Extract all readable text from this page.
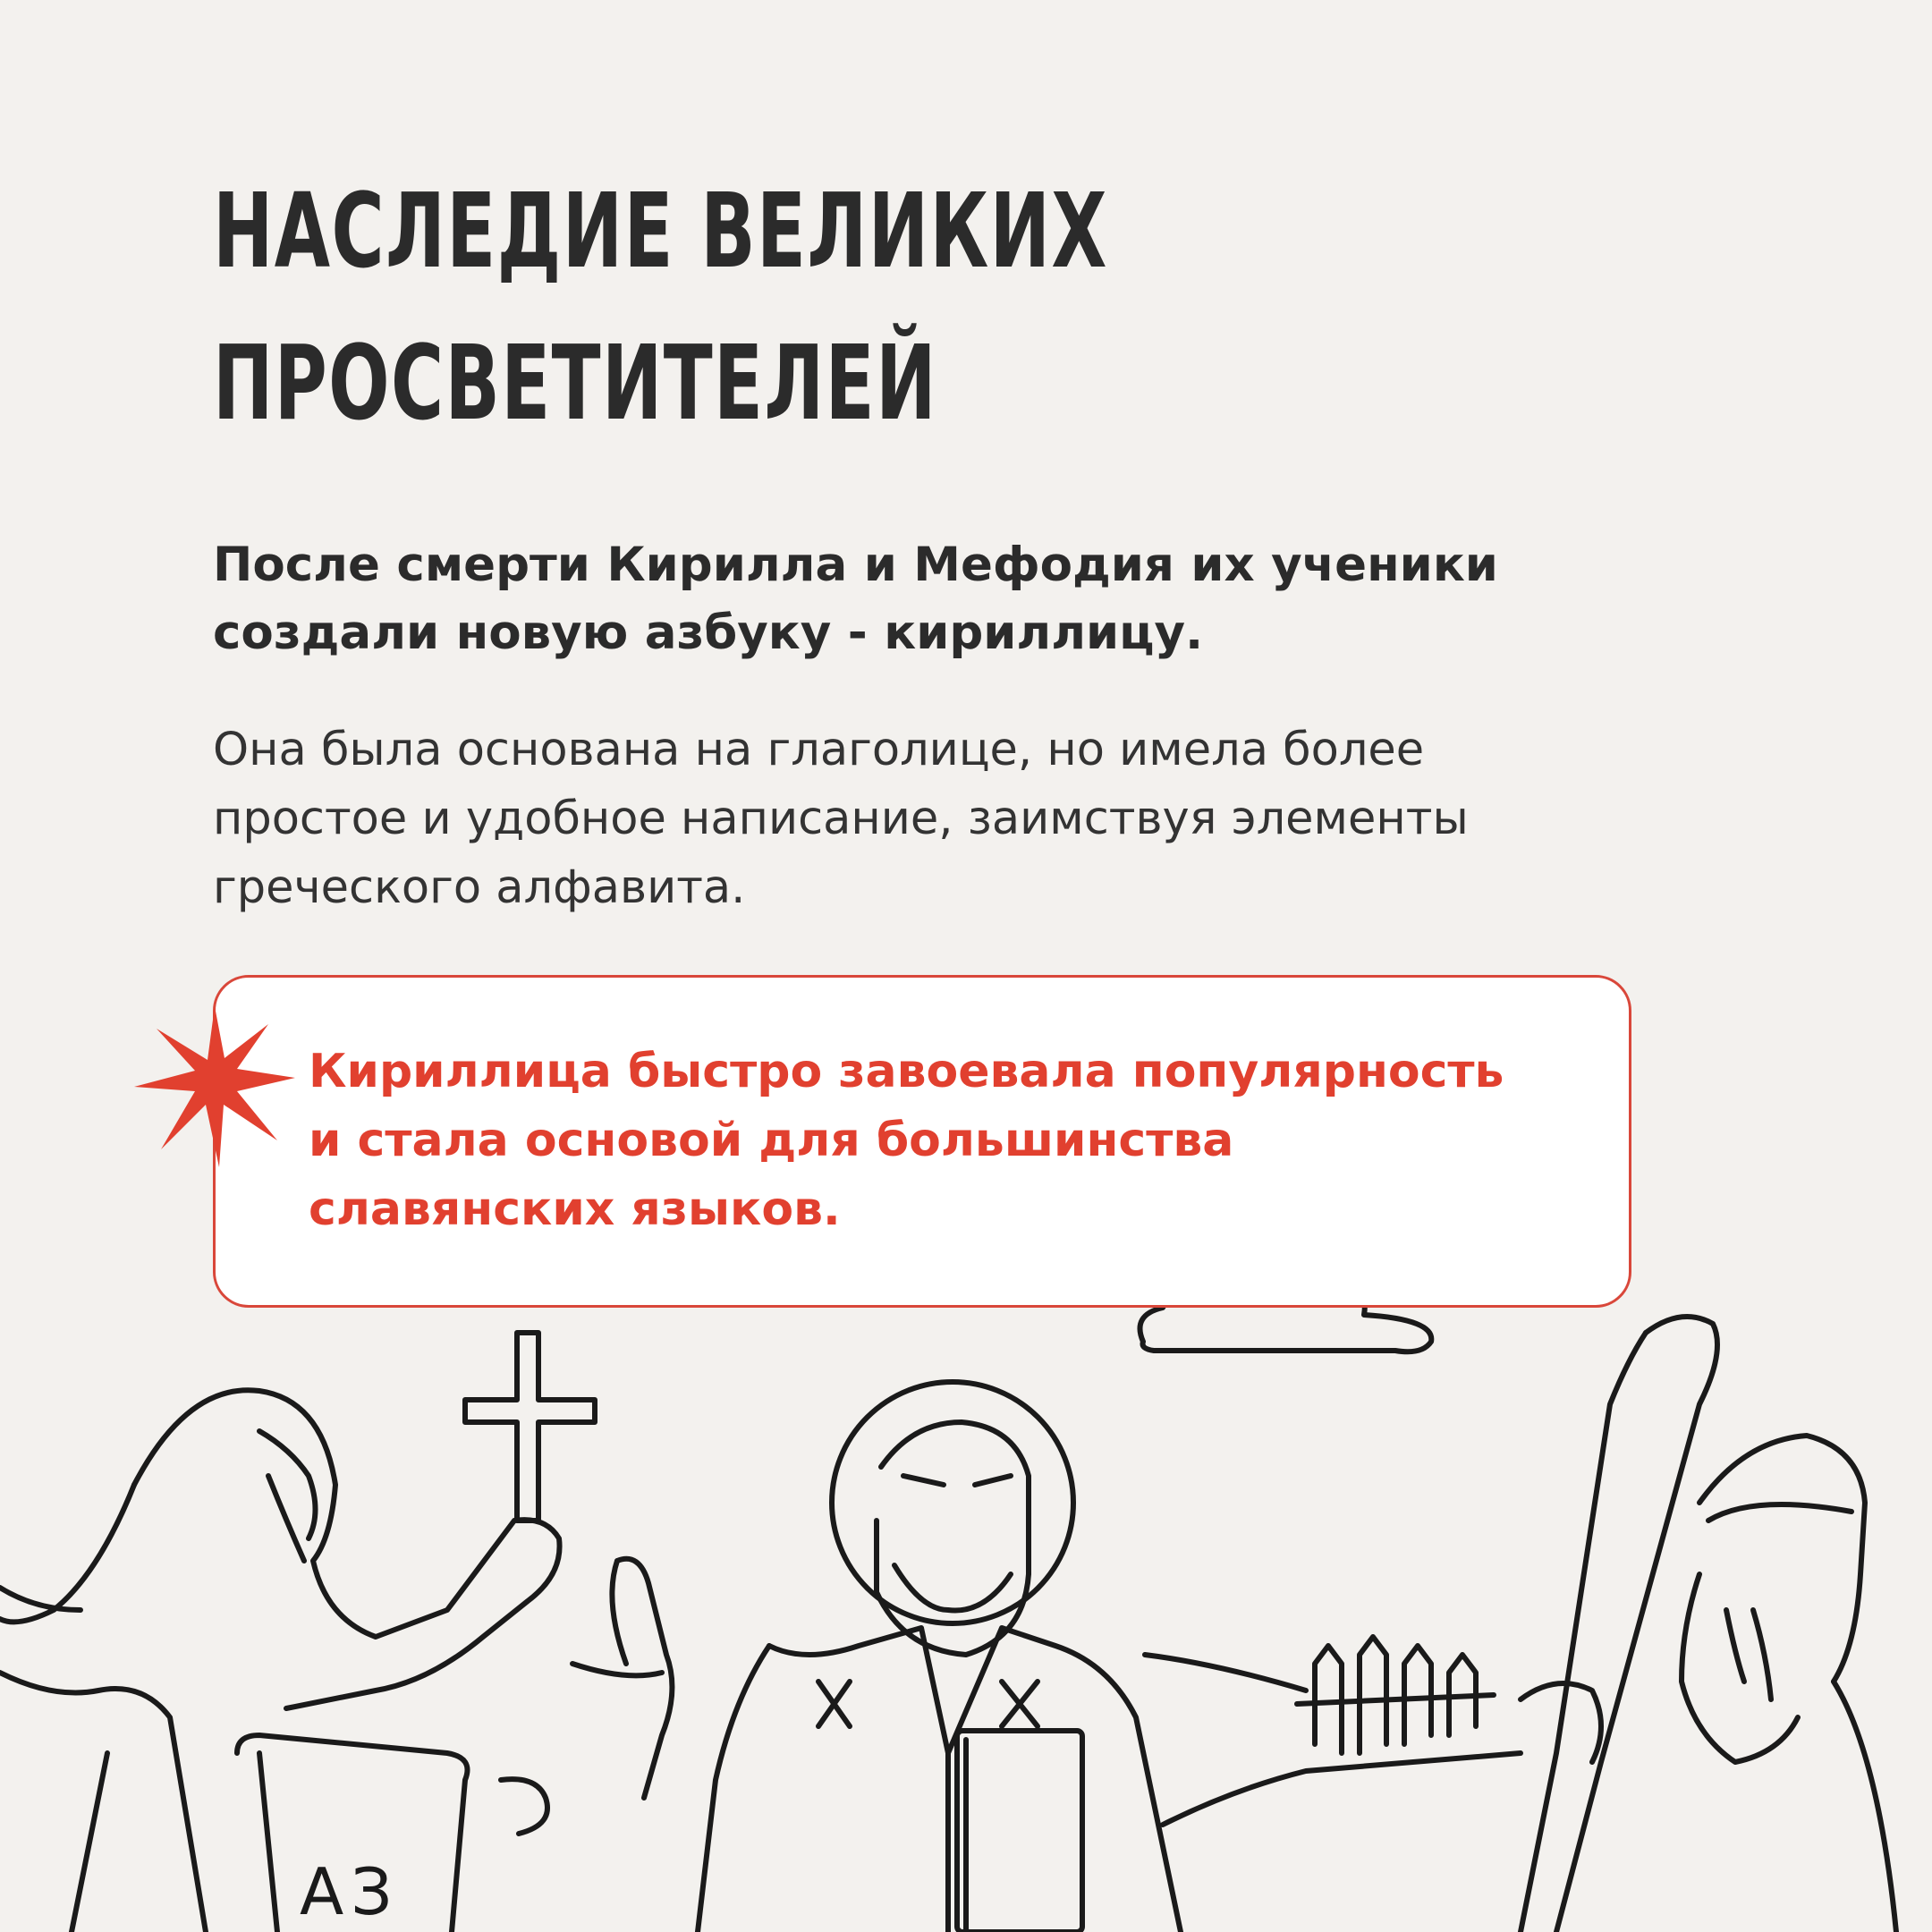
НАСЛЕДИЕ ВЕЛИКИХ
ПРОСВЕТИТЕЛЕЙ

После смерти Кирилла и Мефодия их ученики
создали новую азбуку - кириллицу.

Она была основана на глаголице, но имела более
простое и удобное написание, заимствуя элементы
греческого алфавита.

АЗ

Кириллица быстро завоевала популярность
и стала основой для большинства
славянских языков.
